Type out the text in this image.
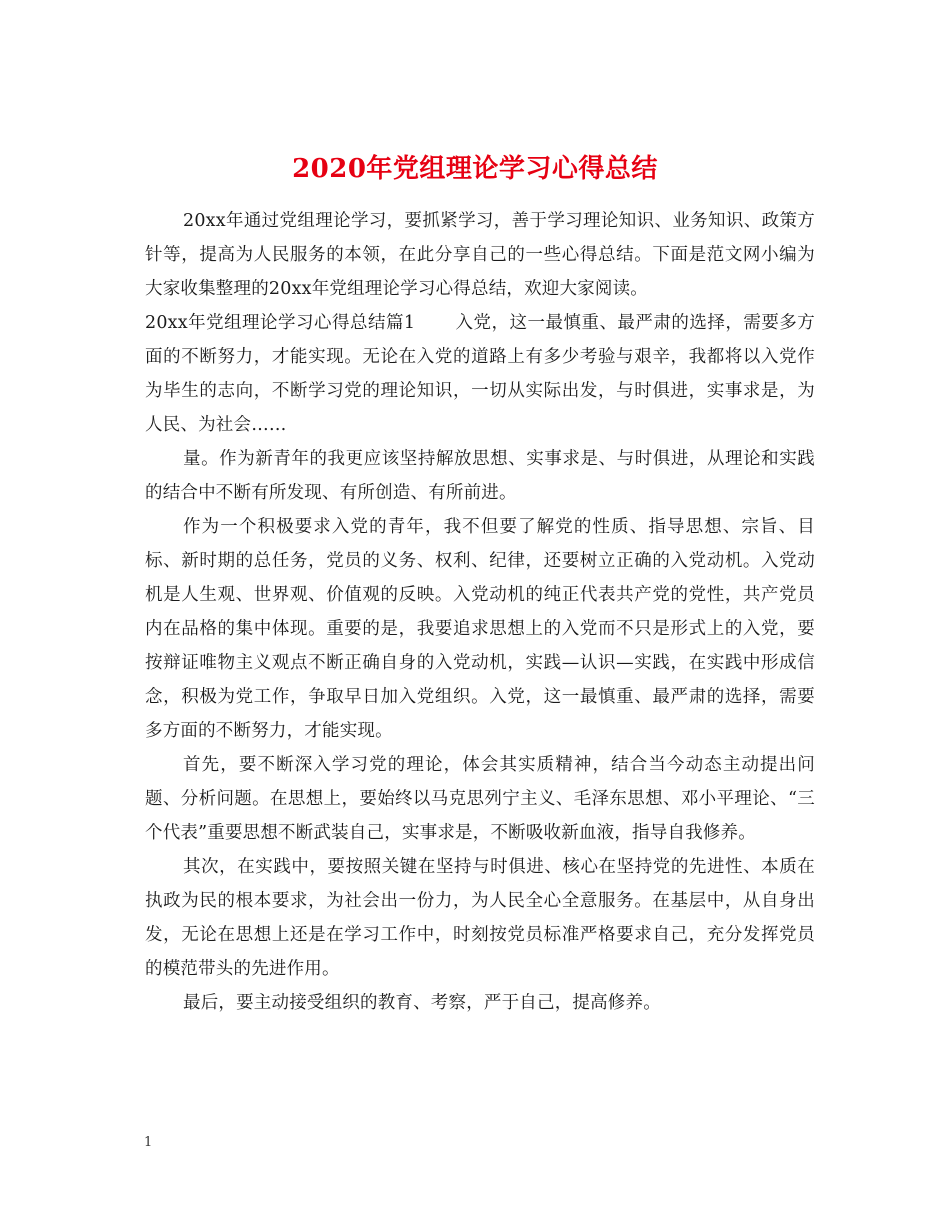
2020年党组理论学习心得总结

20xx年通过党组理论学习，要抓紧学习，善于学习理论知识、业务知识、政策方针等，提高为人民服务的本领，在此分享自己的一些心得总结。下面是范文网小编为大家收集整理的20xx年党组理论学习心得总结，欢迎大家阅读。

20xx年党组理论学习心得总结篇1 入党，这一最慎重、最严肃的选择，需要多方面的不断努力，才能实现。无论在入党的道路上有多少考验与艰辛，我都将以入党作为毕生的志向，不断学习党的理论知识，一切从实际出发，与时俱进，实事求是，为人民、为社会……

量。作为新青年的我更应该坚持解放思想、实事求是、与时俱进，从理论和实践的结合中不断有所发现、有所创造、有所前进。

作为一个积极要求入党的青年，我不但要了解党的性质、指导思想、宗旨、目标、新时期的总任务，党员的义务、权利、纪律，还要树立正确的入党动机。入党动机是人生观、世界观、价值观的反映。入党动机的纯正代表共产党的党性，共产党员内在品格的集中体现。重要的是，我要追求思想上的入党而不只是形式上的入党，要按辩证唯物主义观点不断正确自身的入党动机，实践—认识—实践，在实践中形成信念，积极为党工作，争取早日加入党组织。入党，这一最慎重、最严肃的选择，需要多方面的不断努力，才能实现。

首先，要不断深入学习党的理论，体会其实质精神，结合当今动态主动提出问题、分析问题。在思想上，要始终以马克思列宁主义、毛泽东思想、邓小平理论、“三个代表”重要思想不断武装自己，实事求是，不断吸收新血液，指导自我修养。

其次，在实践中，要按照关键在坚持与时俱进、核心在坚持党的先进性、本质在执政为民的根本要求，为社会出一份力，为人民全心全意服务。在基层中，从自身出发，无论在思想上还是在学习工作中，时刻按党员标准严格要求自己，充分发挥党员的模范带头的先进作用。

最后，要主动接受组织的教育、考察，严于自己，提高修养。

1
